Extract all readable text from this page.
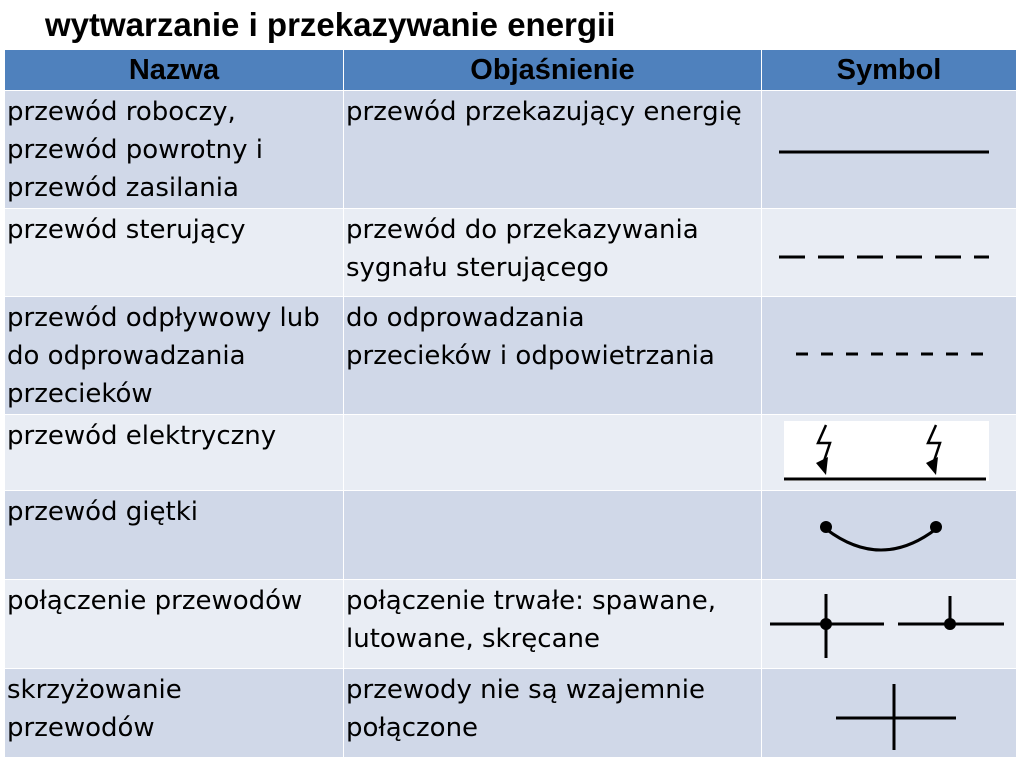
wytwarzanie i przekazywanie energii
Nazwa	Objaśnienie	Symbol

przewód roboczy,
przewód powrotny i
przewód zasilania	przewód przekazujący energię

przewód sterujący	przewód do przekazywania
sygnału sterującego

przewód odpływowy lub
do odprowadzania
przecieków	do odprowadzania
przecieków i odpowietrzania

przewód elektryczny

przewód giętki

połączenie przewodów	połączenie trwałe: spawane,
lutowane, skręcane

skrzyżowanie
przewodów	przewody nie są wzajemnie
połączone
